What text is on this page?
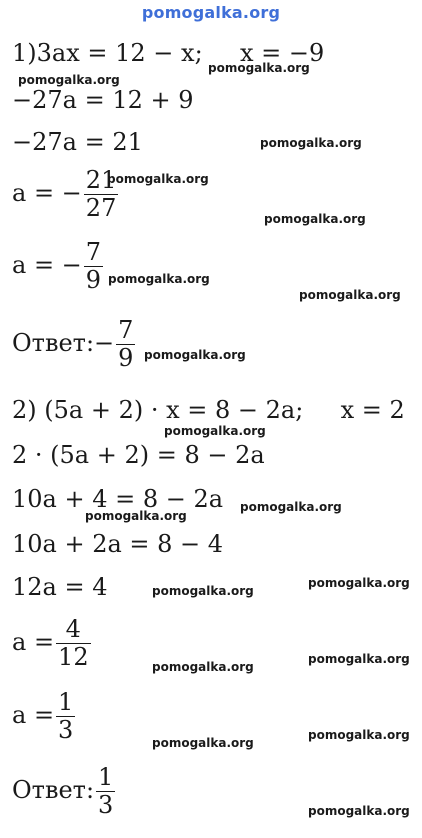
pomogalka.org
1)3ax = 12 − x; x = −9
−27a = 12 + 9
−27a = 21
a = − $\frac{21}{27}$
a = − $\frac{7}{9}$
Ответ:− $\frac{7}{9}$
2) (5a + 2) · x = 8 − 2a; x = 2
2 · (5a + 2) = 8 − 2a
10a + 4 = 8 − 2a
10a + 2a = 8 − 4
12a = 4
$a = \frac{4}{12}$
$a = \frac{1}{3}$
Ответ: $\frac{1}{3}$
pomogalka.org
pomogalka.org
pomogalka.org
pomogalka.org
pomogalka.org
pomogalka.org
pomogalka.org
pomogalka.org
pomogalka.org
pomogalka.org
pomogalka.org
pomogalka.org
pomogalka.org
pomogalka.org
pomogalka.org
pomogalka.org
pomogalka.org
pomogalka.org
